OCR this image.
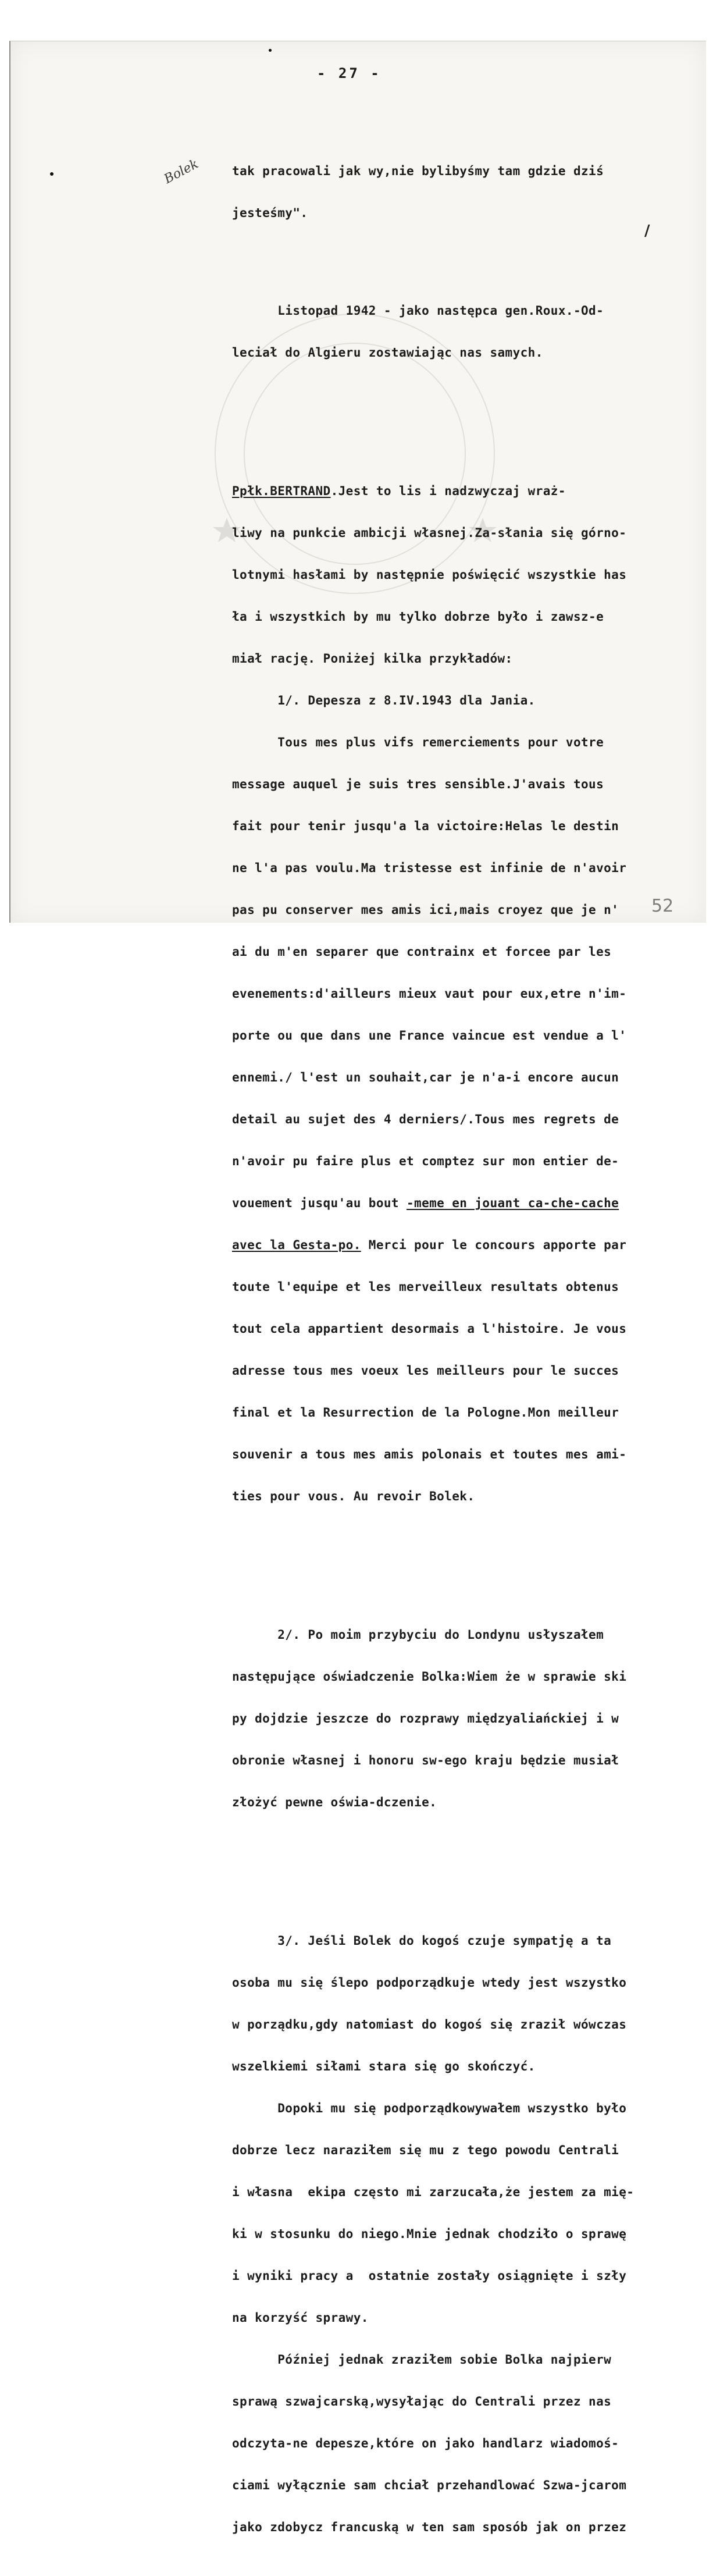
- 27 -
Bolek
/

tak pracowali jak wy,nie bylibyśmy tam gdzie dziś

jesteśmy".

Listopad 1942 - jako następca gen.Roux.-Od-

leciał do Algieru zostawiając nas samych.

Ppłk.BERTRAND.Jest to lis i nadzwyczaj wraż-

liwy na punkcie ambicji własnej.Za-słania się górno-

lotnymi hasłami by następnie poświęcić wszystkie has

ła i wszystkich by mu tylko dobrze było i zawsz-e

miał rację. Poniżej kilka przykładów:

1/. Depesza z 8.IV.1943 dla Jania.

Tous mes plus vifs remerciements pour votre

message auquel je suis tres sensible.J'avais tous

fait pour tenir jusqu'a la victoire:Helas le destin

ne l'a pas voulu.Ma tristesse est infinie de n'avoir

pas pu conserver mes amis ici,mais croyez que je n'

ai du m'en separer que contrainx et forcee par les

evenements:d'ailleurs mieux vaut pour eux,etre n'im-

porte ou que dans une France vaincue est vendue a l'

ennemi./ l'est un souhait,car je n'a-i encore aucun

detail au sujet des 4 derniers/.Tous mes regrets de

n'avoir pu faire plus et comptez sur mon entier de-

vouement jusqu'au bout -meme en jouant ca-che-cache

avec la Gesta-po. Merci pour le concours apporte par

toute l'equipe et les merveilleux resultats obtenus

tout cela appartient desormais a l'histoire. Je vous

adresse tous mes voeux les meilleurs pour le succes

final et la Resurrection de la Pologne.Mon meilleur

souvenir a tous mes amis polonais et toutes mes ami-

ties pour vous. Au revoir Bolek.

2/. Po moim przybyciu do Londynu usłyszałem

następujące oświadczenie Bolka:Wiem że w sprawie ski

py dojdzie jeszcze do rozprawy międzyaliańckiej i w

obronie własnej i honoru sw-ego kraju będzie musiał

złożyć pewne oświa-dczenie.

3/. Jeśli Bolek do kogoś czuje sympatję a ta

osoba mu się ślepo podporządkuje wtedy jest wszystko

w porządku,gdy natomiast do kogoś się zraził wówczas

wszelkiemi siłami stara się go skończyć.

Dopoki mu się podporządkowywałem wszystko było

dobrze lecz naraziłem się mu z tego powodu Centrali

i własna  ekipa często mi zarzucała,że jestem za mię-

ki w stosunku do niego.Mnie jednak chodziło o sprawę

i wyniki pracy a  ostatnie zostały osiągnięte i szły

na korzyść sprawy.

Później jednak zraziłem sobie Bolka najpierw

sprawą szwajcarską,wysyłając do Centrali przez nas

odczyta-ne depesze,które on jako handlarz wiadomoś-

ciami wyłącznie sam chciał przehandlować Szwa-jcarom

jako zdobycz francuską w ten sam sposób jak on przez

52
